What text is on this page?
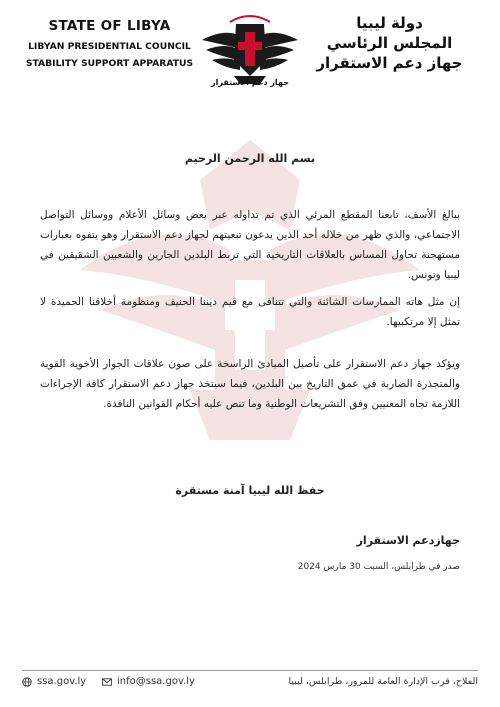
STATE OF LIBYA
LIBYAN PRESIDENTIAL COUNCIL
STABILITY SUPPORT APPARATUS
جهاز دعم الاستقرار
دولة ليبيا
المجلس الرئاسي
جهاز دعم الاستقرار
بسم الله الرحمن الرحيم
ببالغ الأسف، تابعنا المقطع المرئي الذي تم تداوله عبر بعض وسائل الأعلام ووسائل التواصل الاجتماعي، والذي ظهر من خلاله أحد الذين يدعون تبعيتهم لجهاز دعم الاستقرار وهو يتفوه بعبارات مستهجنة تحاول المساس بالعلاقات التاريخية التي تربط البلدين الجارين والشعبين الشقيقين في ليبيا وتونس.
إن مثل هاته الممارسات الشائنة والتي تتنافى مع قيم ديننا الحنيف ومنظومة أخلاقنا الحميدة لا تمثل إلا مرتكبيها.
ويؤكد جهاز دعم الاستقرار على تأصيل المبادئ الراسخة على صون علاقات الجوار الأخوية القوية والمتجذرة الضاربة في عمق التاريخ بين البلدين، فيما سيتخذ جهاز دعم الاستقرار كافة الإجراءات اللازمة تجاه المعنيين وفق التشريعات الوطنية وما تنص عليه أحكام القوانين النافذة.
حفظ الله ليبيا آمنة مستقرة
جهازدعم الاستقرار
صدر في طرابلس، السبت 30 مارس 2024
ssa.gov.ly	info@ssa.gov.ly	الفلاح، قرب الإدارة العامة للمرور، طرابلس، ليبيا
